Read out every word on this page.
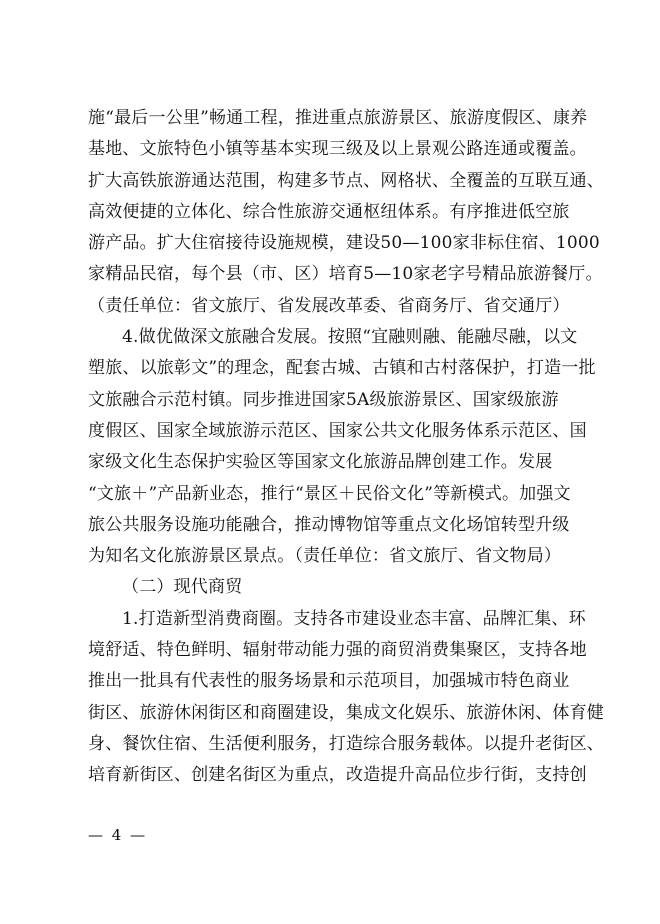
施“最后一公里”畅通工程，推进重点旅游景区、旅游度假区、康养
基地、文旅特色小镇等基本实现三级及以上景观公路连通或覆盖。
扩大高铁旅游通达范围，构建多节点、网格状、全覆盖的互联互通、
高效便捷的立体化、综合性旅游交通枢纽体系。有序推进低空旅
游产品。扩大住宿接待设施规模，建设50—100家非标住宿、1000
家精品民宿，每个县（市、区）培育5—10家老字号精品旅游餐厅。
（责任单位：省文旅厅、省发展改革委、省商务厅、省交通厅）
4.做优做深文旅融合发展。按照“宜融则融、能融尽融，以文
塑旅、以旅彰文”的理念，配套古城、古镇和古村落保护，打造一批
文旅融合示范村镇。同步推进国家5A级旅游景区、国家级旅游
度假区、国家全域旅游示范区、国家公共文化服务体系示范区、国
家级文化生态保护实验区等国家文化旅游品牌创建工作。发展
“文旅＋”产品新业态，推行“景区＋民俗文化”等新模式。加强文
旅公共服务设施功能融合，推动博物馆等重点文化场馆转型升级
为知名文化旅游景区景点。（责任单位：省文旅厅、省文物局）
（二）现代商贸
1.打造新型消费商圈。支持各市建设业态丰富、品牌汇集、环
境舒适、特色鲜明、辐射带动能力强的商贸消费集聚区，支持各地
推出一批具有代表性的服务场景和示范项目，加强城市特色商业
街区、旅游休闲街区和商圈建设，集成文化娱乐、旅游休闲、体育健
身、餐饮住宿、生活便利服务，打造综合服务载体。以提升老街区、
培育新街区、创建名街区为重点，改造提升高品位步行街，支持创
— 4 —
